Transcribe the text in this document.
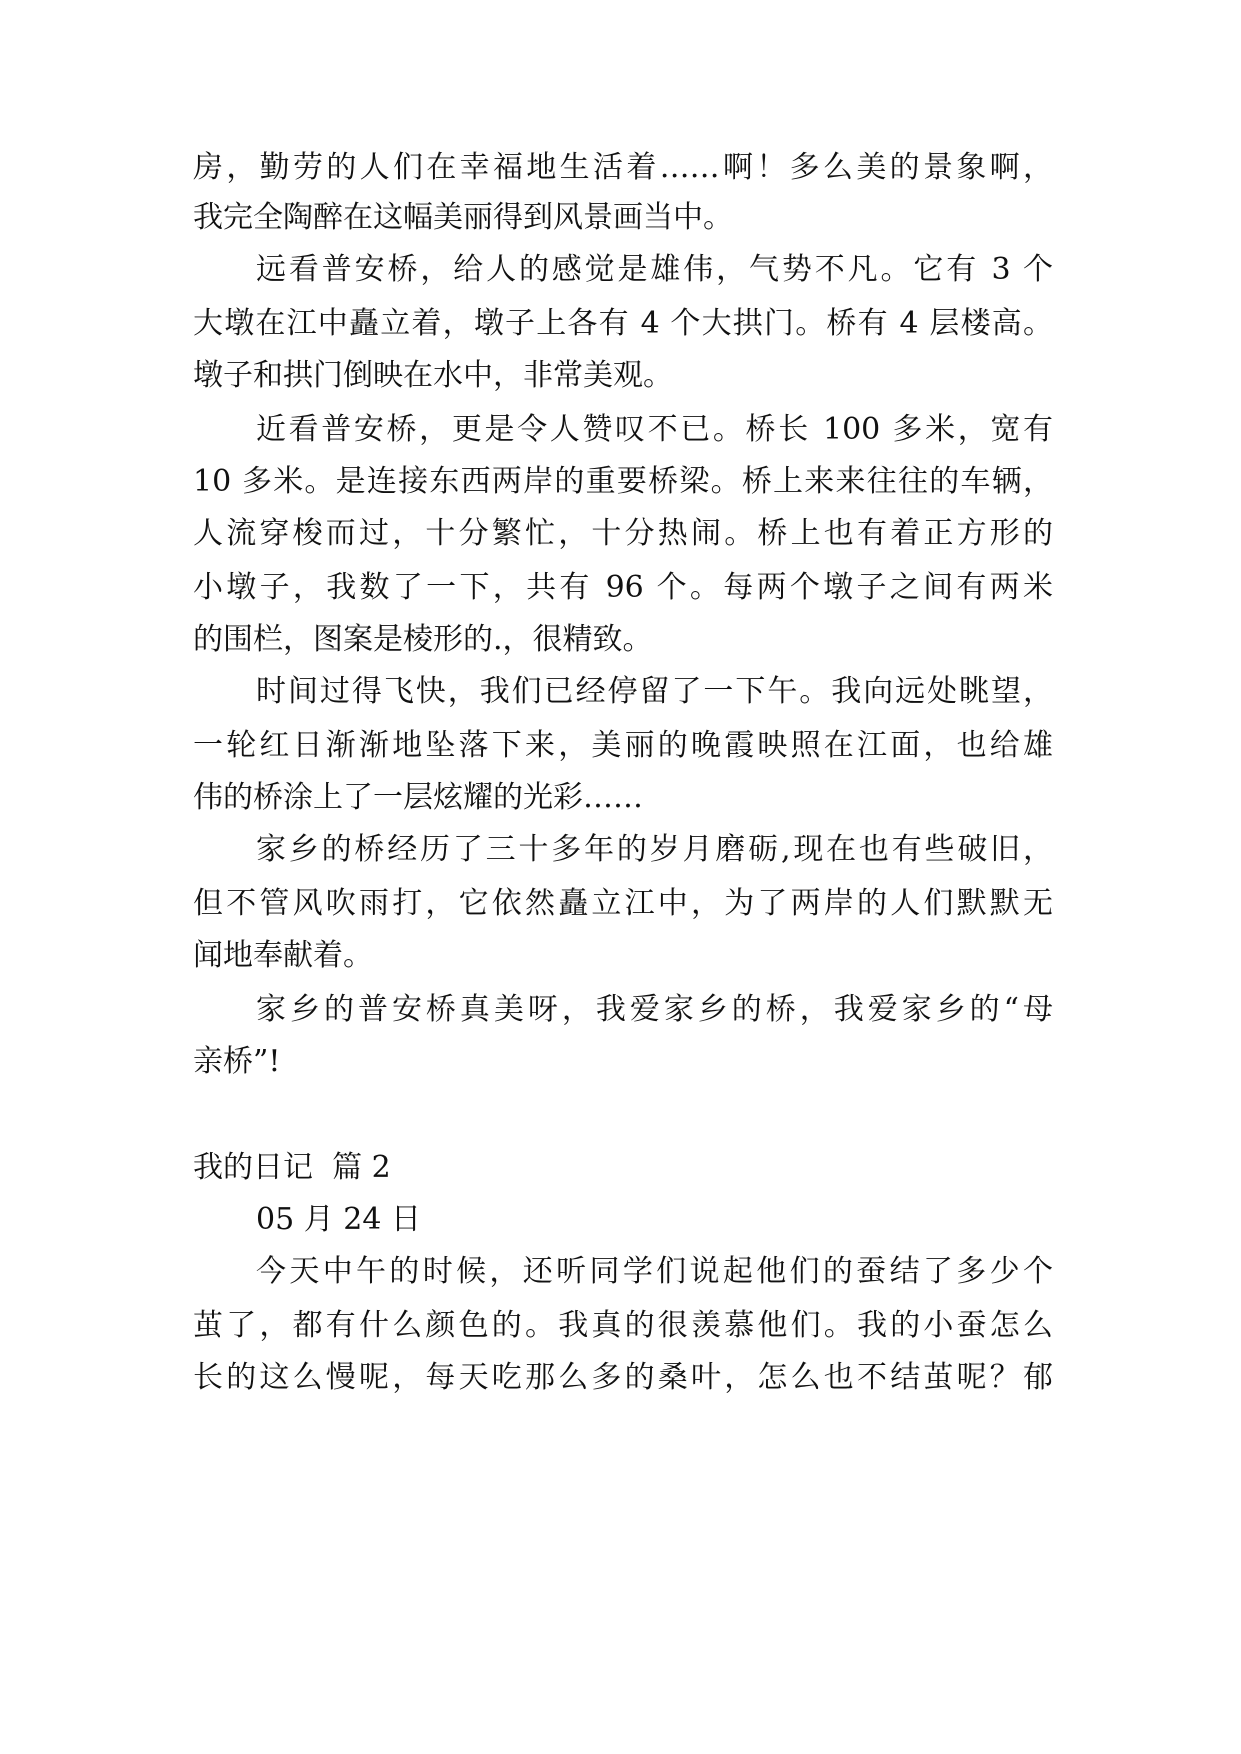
房，勤劳的人们在幸福地生活着……啊！多么美的景象啊，
我完全陶醉在这幅美丽得到风景画当中。
远看普安桥，给人的感觉是雄伟，气势不凡。它有 3 个
大墩在江中矗立着，墩子上各有 4 个大拱门。桥有 4 层楼高。
墩子和拱门倒映在水中，非常美观。
近看普安桥，更是令人赞叹不已。桥长 100 多米，宽有
10 多米。是连接东西两岸的重要桥梁。桥上来来往往的车辆，
人流穿梭而过，十分繁忙，十分热闹。桥上也有着正方形的
小墩子，我数了一下，共有 96 个。每两个墩子之间有两米
的围栏，图案是棱形的.，很精致。
时间过得飞快，我们已经停留了一下午。我向远处眺望，
一轮红日渐渐地坠落下来，美丽的晚霞映照在江面，也给雄
伟的桥涂上了一层炫耀的光彩……
家乡的桥经历了三十多年的岁月磨砺,现在也有些破旧，
但不管风吹雨打，它依然矗立江中，为了两岸的人们默默无
闻地奉献着。
家乡的普安桥真美呀，我爱家乡的桥，我爱家乡的“母
亲桥”!
我的日记  篇 2
05 月 24 日
今天中午的时候，还听同学们说起他们的蚕结了多少个
茧了，都有什么颜色的。我真的很羡慕他们。我的小蚕怎么
长的这么慢呢，每天吃那么多的桑叶，怎么也不结茧呢？郁
